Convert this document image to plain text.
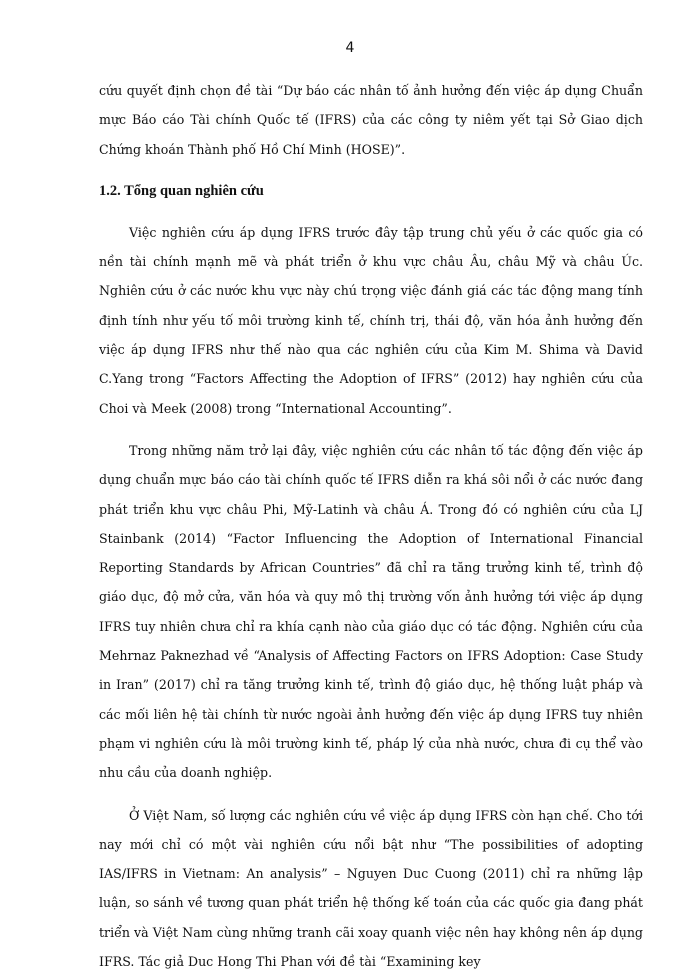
4

cứu quyết định chọn đề tài “Dự báo các nhân tố ảnh hưởng đến việc áp dụng Chuẩn mực Báo cáo Tài chính Quốc tế (IFRS) của các công ty niêm yết tại Sở Giao dịch Chứng khoán Thành phố Hồ Chí Minh (HOSE)”.

1.2. Tổng quan nghiên cứu

Việc nghiên cứu áp dụng IFRS trước đây tập trung chủ yếu ở các quốc gia có nền tài chính mạnh mẽ và phát triển ở khu vực châu Âu, châu Mỹ và châu Úc. Nghiên cứu ở các nước khu vực này chú trọng việc đánh giá các tác động mang tính định tính như yếu tố môi trường kinh tế, chính trị, thái độ, văn hóa ảnh hưởng đến việc áp dụng IFRS như thế nào qua các nghiên cứu của Kim M. Shima và David C.Yang trong “Factors Affecting the Adoption of IFRS” (2012) hay nghiên cứu của Choi và Meek (2008) trong “International Accounting”.

Trong những năm trở lại đây, việc nghiên cứu các nhân tố tác động đến việc áp dụng chuẩn mực báo cáo tài chính quốc tế IFRS diễn ra khá sôi nổi ở các nước đang phát triển khu vực châu Phi, Mỹ-Latinh và châu Á. Trong đó có nghiên cứu của LJ Stainbank (2014) “Factor Influencing the Adoption of International Financial Reporting Standards by African Countries” đã chỉ ra tăng trưởng kinh tế, trình độ giáo dục, độ mở cửa, văn hóa và quy mô thị trường vốn ảnh hưởng tới việc áp dụng IFRS tuy nhiên chưa chỉ ra khía cạnh nào của giáo dục có tác động. Nghiên cứu của Mehrnaz Paknezhad về “Analysis of Affecting Factors on IFRS Adoption: Case Study in Iran” (2017) chỉ ra tăng trưởng kinh tế, trình độ giáo dục, hệ thống luật pháp và các mối liên hệ tài chính từ nước ngoài ảnh hưởng đến việc áp dụng IFRS tuy nhiên phạm vi nghiên cứu là môi trường kinh tế, pháp lý của nhà nước, chưa đi cụ thể vào nhu cầu của doanh nghiệp.

Ở Việt Nam, số lượng các nghiên cứu về việc áp dụng IFRS còn hạn chế. Cho tới nay mới chỉ có một vài nghiên cứu nổi bật như “The possibilities of adopting IAS/IFRS in Vietnam: An analysis” – Nguyen Duc Cuong (2011) chỉ ra những lập luận, so sánh về tương quan phát triển hệ thống kế toán của các quốc gia đang phát triển và Việt Nam cùng những tranh cãi xoay quanh việc nên hay không nên áp dụng IFRS. Tác giả Duc Hong Thi Phan với đề tài “Examining key
